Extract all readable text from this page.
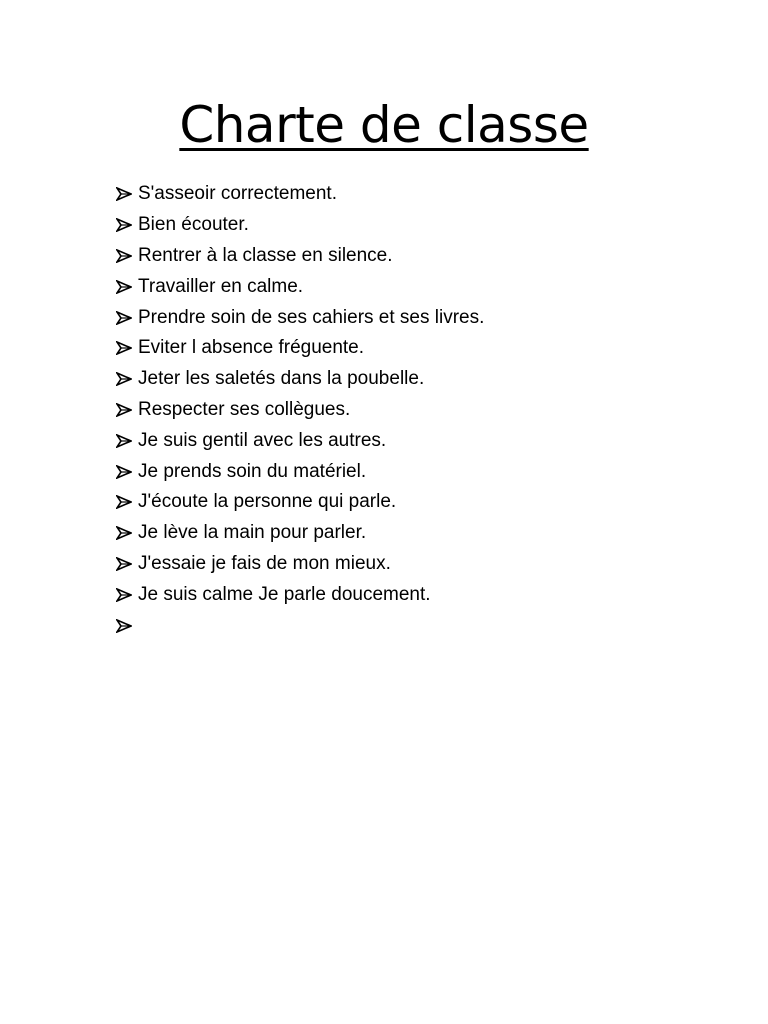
Charte de classe
S'asseoir correctement.
Bien écouter.
Rentrer à la classe en silence.
Travailler en calme.
Prendre soin de ses cahiers et ses livres.
Eviter l absence fréguente.
Jeter les saletés dans la poubelle.
Respecter ses collègues.
Je suis gentil avec les autres.
Je prends soin du matériel.
J'écoute la personne qui parle.
Je lève la main pour parler.
J'essaie je fais de mon mieux.
Je suis calme Je parle doucement.
